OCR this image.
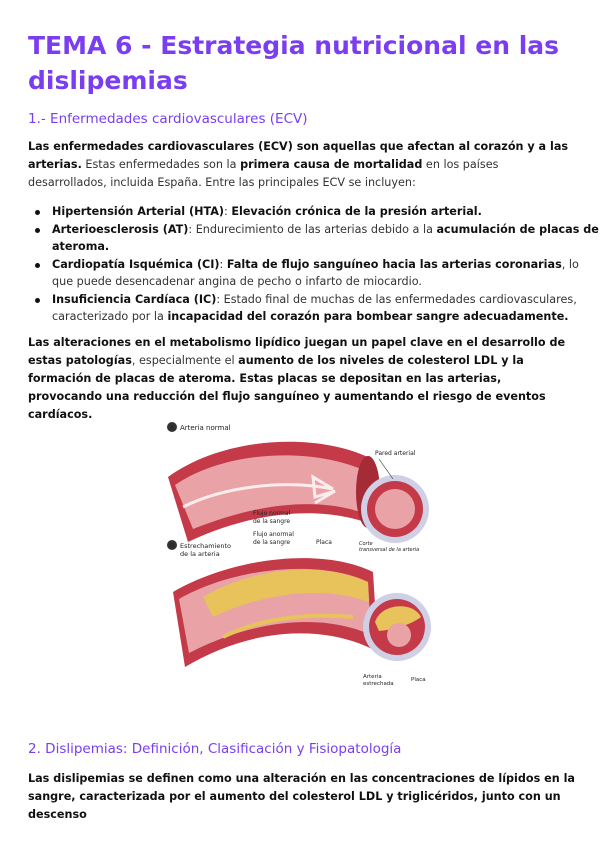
TEMA 6 - Estrategia nutricional en las dislipemias
1.- Enfermedades cardiovasculares (ECV)

Las enfermedades cardiovasculares (ECV) son aquellas que afectan al corazón y a las arterias. Estas enfermedades son la primera causa de mortalidad en los países desarrollados, incluida España. Entre las principales ECV se incluyen:

Hipertensión Arterial (HTA): Elevación crónica de la presión arterial.
Arterioesclerosis (AT): Endurecimiento de las arterias debido a la acumulación de placas de ateroma.
Cardiopatía Isquémica (CI): Falta de flujo sanguíneo hacia las arterias coronarias, lo que puede desencadenar angina de pecho o infarto de miocardio.
Insuficiencia Cardíaca (IC): Estado final de muchas de las enfermedades cardiovasculares, caracterizado por la incapacidad del corazón para bombear sangre adecuadamente.

Las alteraciones en el metabolismo lipídico juegan un papel clave en el desarrollo de estas patologías, especialmente el aumento de los niveles de colesterol LDL y la formación de placas de ateroma. Estas placas se depositan en las arterias, provocando una reducción del flujo sanguíneo y aumentando el riesgo de eventos cardíacos.

A Arteria normal
Pared arterial
Flujo normal
de la sangre
Corte
transversal de la arteria
B Estrechamiento
de la arteria
Flujo anormal
de la sangre	Placa
Arteria
estrechada
Placa
2. Dislipemias: Definición, Clasificación y Fisiopatología

Las dislipemias se definen como una alteración en las concentraciones de lípidos en la sangre, caracterizada por el aumento del colesterol LDL y triglicéridos, junto con un descenso
